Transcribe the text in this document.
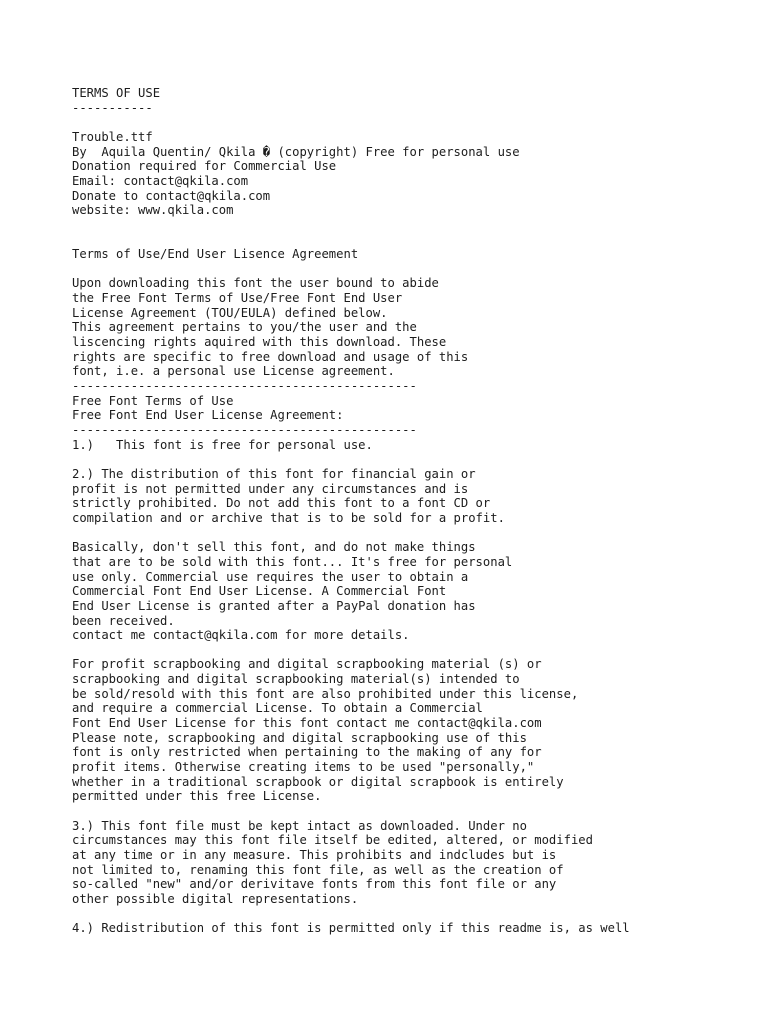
TERMS OF USE
-----------
Trouble.ttf
By  Aquila Quentin/ Qkila � (copyright) Free for personal use
Donation required for Commercial Use
Email: contact@qkila.com
Donate to contact@qkila.com
website: www.qkila.com
Terms of Use/End User Lisence Agreement
Upon downloading this font the user bound to abide
the Free Font Terms of Use/Free Font End User
License Agreement (TOU/EULA) defined below.
This agreement pertains to you/the user and the
liscencing rights aquired with this download. These
rights are specific to free download and usage of this
font, i.e. a personal use License agreement.
-----------------------------------------------
Free Font Terms of Use
Free Font End User License Agreement:
-----------------------------------------------
1.)   This font is free for personal use.
2.) The distribution of this font for financial gain or
profit is not permitted under any circumstances and is
strictly prohibited. Do not add this font to a font CD or
compilation and or archive that is to be sold for a profit.
Basically, don't sell this font, and do not make things
that are to be sold with this font... It's free for personal
use only. Commercial use requires the user to obtain a
Commercial Font End User License. A Commercial Font
End User License is granted after a PayPal donation has
been received.
contact me contact@qkila.com for more details.
For profit scrapbooking and digital scrapbooking material (s) or
scrapbooking and digital scrapbooking material(s) intended to
be sold/resold with this font are also prohibited under this license,
and require a commercial License. To obtain a Commercial
Font End User License for this font contact me contact@qkila.com
Please note, scrapbooking and digital scrapbooking use of this
font is only restricted when pertaining to the making of any for
profit items. Otherwise creating items to be used "personally,"
whether in a traditional scrapbook or digital scrapbook is entirely
permitted under this free License.
3.) This font file must be kept intact as downloaded. Under no
circumstances may this font file itself be edited, altered, or modified
at any time or in any measure. This prohibits and indcludes but is
not limited to, renaming this font file, as well as the creation of
so-called "new" and/or derivitave fonts from this font file or any
other possible digital representations.
4.) Redistribution of this font is permitted only if this readme is, as well
